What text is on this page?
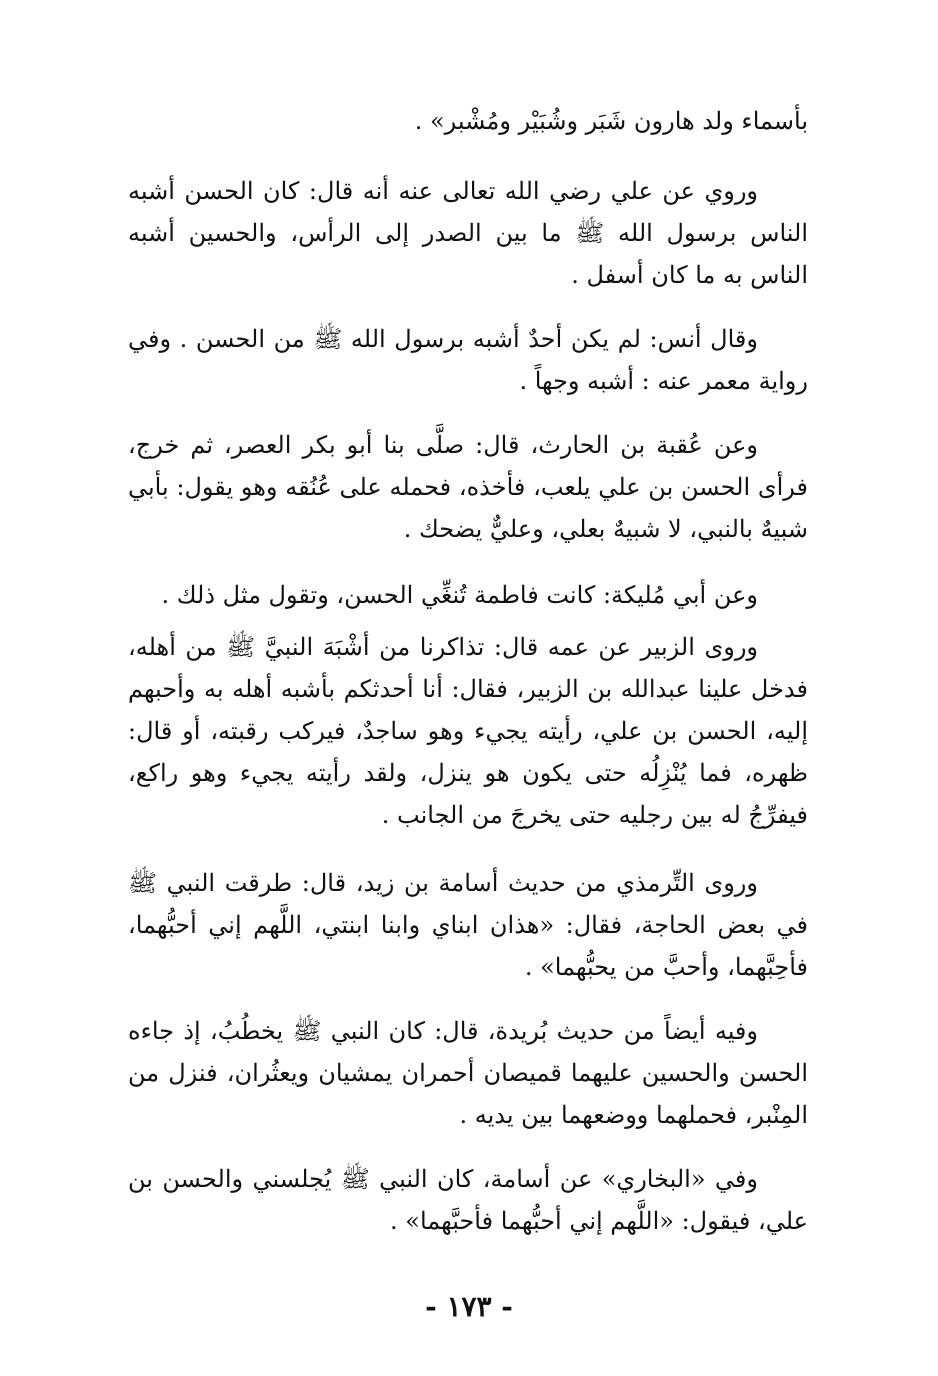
بأسماء ولد هارون شَبَر وشُبَيْر ومُشْبر» .

وروي عن علي رضي الله تعالى عنه أنه قال: كان الحسن أشبه الناس برسول الله ﷺ ما بين الصدر إلى الرأس، والحسين أشبه الناس به ما كان أسفل .

وقال أنس: لم يكن أحدٌ أشبه برسول الله ﷺ من الحسن . وفي رواية معمر عنه : أشبه وجهاً .

وعن عُقبة بن الحارث، قال: صلَّى بنا أبو بكر العصر، ثم خرج، فرأى الحسن بن علي يلعب، فأخذه، فحمله على عُنُقه وهو يقول: بأبي شبيهٌ بالنبي، لا شبيهٌ بعلي، وعليٌّ يضحك .

وعن أبي مُليكة: كانت فاطمة تُنغِّي الحسن، وتقول مثل ذلك .

وروى الزبير عن عمه قال: تذاكرنا من أشْبَهَ النبيَّ ﷺ من أهله، فدخل علينا عبدالله بن الزبير، فقال: أنا أحدثكم بأشبه أهله به وأحبهم إليه، الحسن بن علي، رأيته يجيء وهو ساجدٌ، فيركب رقبته، أو قال: ظهره، فما يُنْزِلُه حتى يكون هو ينزل، ولقد رأيته يجيء وهو راكع، فيفرِّجُ له بين رجليه حتى يخرجَ من الجانب .

وروى التِّرمذي من حديث أسامة بن زيد، قال: طرقت النبي ﷺ في بعض الحاجة، فقال: «هذان ابناي وابنا ابنتي، اللَّهم إني أحبُّهما، فأحِبَّهما، وأحبَّ من يحبُّهما» .

وفيه أيضاً من حديث بُريدة، قال: كان النبي ﷺ يخطُبُ، إذ جاءه الحسن والحسين عليهما قميصان أحمران يمشيان ويعثُران، فنزل من المِنْبر، فحملهما ووضعهما بين يديه .

وفي «البخاري» عن أسامة، كان النبي ﷺ يُجلسني والحسن بن علي، فيقول: «اللَّهم إني أحبُّهما فأحبَّهما» .

- ١٧٣ -
